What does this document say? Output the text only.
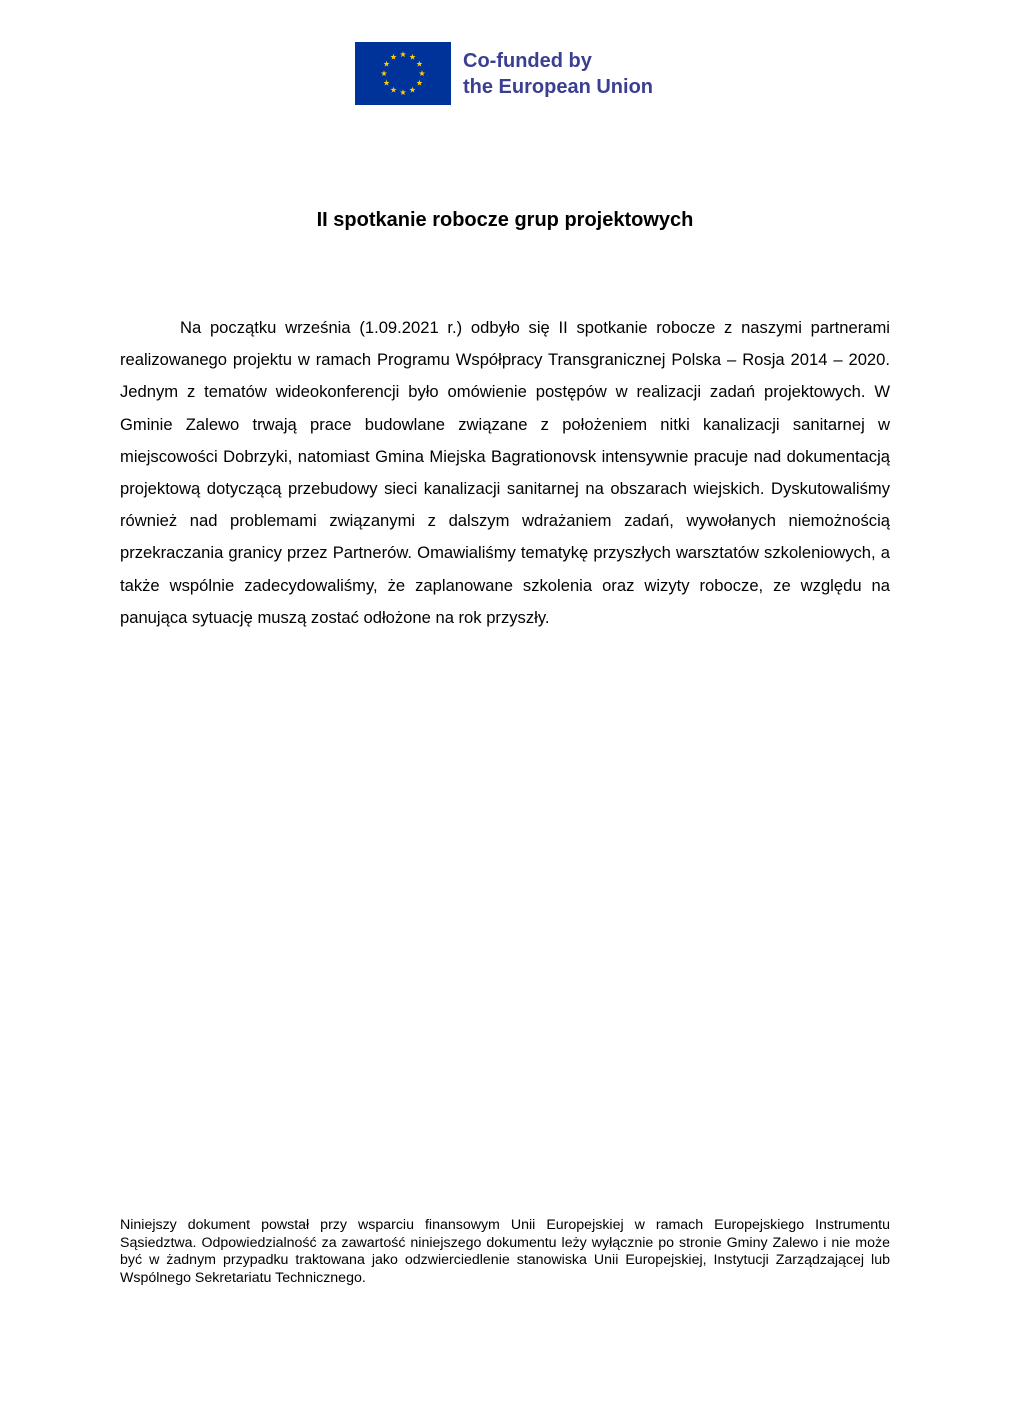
Co-funded by
the European Union
II spotkanie robocze grup projektowych

Na początku września (1.09.2021 r.) odbyło się II spotkanie robocze z naszymi partnerami realizowanego projektu w ramach Programu Współpracy Transgranicznej Polska – Rosja 2014 – 2020. Jednym z tematów wideokonferencji było omówienie postępów w realizacji zadań projektowych. W Gminie Zalewo trwają prace budowlane związane z położeniem nitki kanalizacji sanitarnej w miejscowości Dobrzyki, natomiast Gmina Miejska Bagrationovsk intensywnie pracuje nad dokumentacją projektową dotyczącą przebudowy sieci kanalizacji sanitarnej na obszarach wiejskich. Dyskutowaliśmy również nad problemami związanymi z dalszym wdrażaniem zadań, wywołanych niemożnością przekraczania granicy przez Partnerów. Omawialiśmy tematykę przyszłych warsztatów szkoleniowych, a także wspólnie zadecydowaliśmy, że zaplanowane szkolenia oraz wizyty robocze, ze względu na panująca sytuację muszą zostać odłożone na rok przyszły.

Niniejszy dokument powstał przy wsparciu finansowym Unii Europejskiej w ramach Europejskiego Instrumentu Sąsiedztwa. Odpowiedzialność za zawartość niniejszego dokumentu leży wyłącznie po stronie Gminy Zalewo i nie może być w żadnym przypadku traktowana jako odzwierciedlenie stanowiska Unii Europejskiej, Instytucji Zarządzającej lub Wspólnego Sekretariatu Technicznego.
